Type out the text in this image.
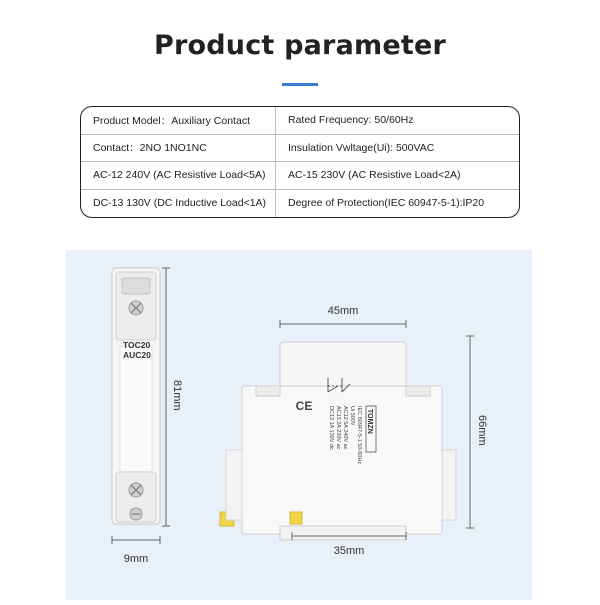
Product parameter
Product Model：Auxiliary Contact	Rated Frequency: 50/60Hz
Contact：2NO 1NO1NC	Insulation Vwltage(Ui): 500VAC
AC-12 240V (AC Resistive Load<5A)	AC-15 230V (AC Resistive Load<2A)
DC-13 130V (DC Inductive Load<1A)	Degree of Protection(IEC 60947-5-1):IP20
TOC20
AUC20
81mm
9mm
45mm
CE
TOMZN
IEC 60947-5-1 50-60Hz
Ui 500V
AC12 5A 240V ac
AC15 2A 230V ac
DC13 1A 130V dc	66mm
35mm
